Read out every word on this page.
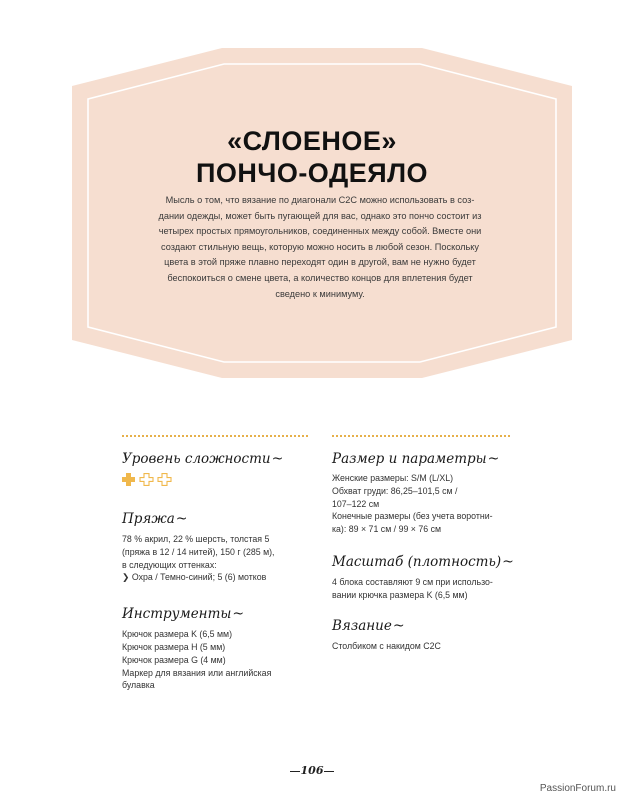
«СЛОЕНОЕ»
ПОНЧО-ОДЕЯЛО
Мысль о том, что вязание по диагонали C2C можно использовать в соз-
дании одежды, может быть пугающей для вас, однако это пончо состоит из
четырех простых прямоугольников, соединенных между собой. Вместе они
создают стильную вещь, которую можно носить в любой сезон. Поскольку
цвета в этой пряже плавно переходят один в другой, вам не нужно будет
беспокоиться о смене цвета, а количество концов для вплетения будет
сведено к минимуму.
Уровень сложности ~
Пряжа ~
78 % акрил, 22 % шерсть, толстая 5
(пряжа в 12 / 14 нитей), 150 г (285 м),
в следующих оттенках:
❯ Охра / Темно-синий; 5 (6) мотков
Инструменты ~
Крючок размера K (6,5 мм)
Крючок размера H (5 мм)
Крючок размера G (4 мм)
Маркер для вязания или английская
булавка
Размер и параметры ~
Женские размеры: S/M (L/XL)
Обхват груди: 86,25–101,5 см /
107–122 см
Конечные размеры (без учета воротни-
ка): 89 × 71 см / 99 × 76 см
Масштаб (плотность) ~
4 блока составляют 9 см при использо-
вании крючка размера K (6,5 мм)
Вязание ~
Столбиком с накидом C2C
106
PassionForum.ru
